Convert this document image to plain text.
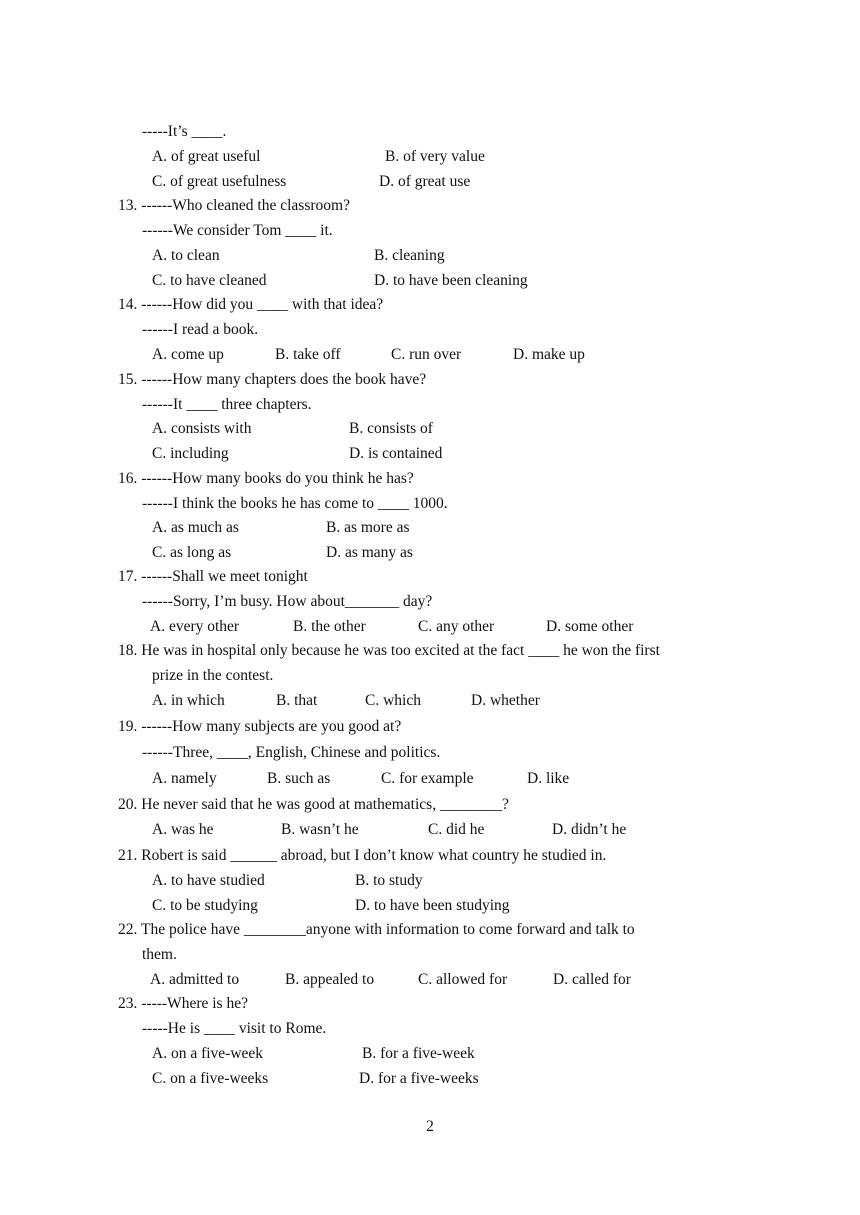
-----It’s ____.
A. of great useful	B. of very value
C. of great usefulness	D. of great use
13. ------Who cleaned the classroom?
------We consider Tom ____ it.
A. to clean	B. cleaning
C. to have cleaned	D. to have been cleaning
14. ------How did you ____ with that idea?
------I read a book.
A. come up	B. take off	C. run over	D. make up
15. ------How many chapters does the book have?
------It ____ three chapters.
A. consists with	B. consists of
C. including	D. is contained
16. ------How many books do you think he has?
------I think the books he has come to ____ 1000.
A. as much as	B. as more as
C. as long as	D. as many as
17. ------Shall we meet tonight
------Sorry, I’m busy. How about_______ day?
A. every other	B. the other	C. any other	D. some other
18. He was in hospital only because he was too excited at the fact ____ he won the first
prize in the contest.
A. in which	B. that	C. which	D. whether
19. ------How many subjects are you good at?
------Three, ____, English, Chinese and politics.
A. namely	B. such as	C. for example	D. like
20. He never said that he was good at mathematics, ________?
A. was he	B. wasn’t he	C. did he	D. didn’t he
21. Robert is said ______ abroad, but I don’t know what country he studied in.
A. to have studied	B. to study
C. to be studying	D. to have been studying
22. The police have ________anyone with information to come forward and talk to
them.
A. admitted to	B. appealed to	C. allowed for	D. called for
23. -----Where is he?
-----He is ____ visit to Rome.
A. on a five-week	B. for a five-week
C. on a five-weeks	D. for a five-weeks
2
